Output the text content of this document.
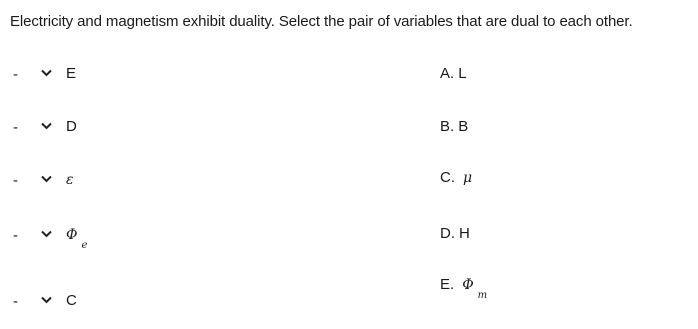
Electricity and magnetism exhibit duality. Select the pair of variables that are dual to each other.
-	E
-	D
-	ε
-	$\Phi_e$
-	C
A. L
B. B
C. μ
D. H
E. $\Phi_m$
